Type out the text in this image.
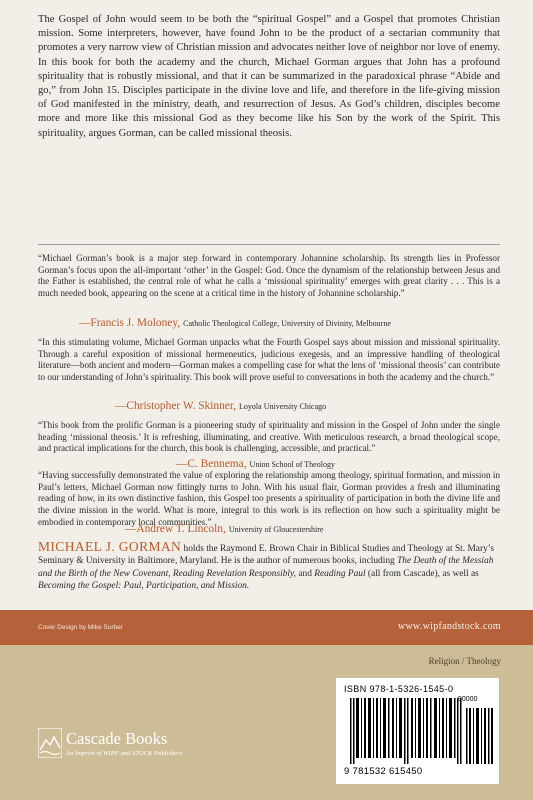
The Gospel of John would seem to be both the “spiritual Gospel” and a Gospel that promotes Christian mission. Some interpreters, however, have found John to be the product of a sectarian community that promotes a very narrow view of Christian mission and advocates neither love of neighbor nor love of enemy. In this book for both the academy and the church, Michael Gorman argues that John has a profound spirituality that is robustly missional, and that it can be summarized in the paradoxical phrase “Abide and go,” from John 15. Disciples participate in the divine love and life, and therefore in the life-giving mission of God manifested in the ministry, death, and resurrection of Jesus. As God’s children, disciples become more and more like this missional God as they become like his Son by the work of the Spirit. This spirituality, argues Gorman, can be called missional theosis.

“Michael Gorman’s book is a major step forward in contemporary Johannine scholarship. Its strength lies in Professor Gorman’s focus upon the all-important ‘other’ in the Gospel: God. Once the dynamism of the relationship between Jesus and the Father is established, the central role of what he calls a ‘missional spirituality’ emerges with great clarity . . . This is a much needed book, appearing on the scene at a critical time in the history of Johannine scholarship.”

—Francis J. Moloney, Catholic Theological College, University of Divinity, Melbourne

“In this stimulating volume, Michael Gorman unpacks what the Fourth Gospel says about mission and missional spirituality. Through a careful exposition of missional hermeneutics, judicious exegesis, and an impressive handling of theological literature—both ancient and modern—Gorman makes a compelling case for what the lens of ‘missional theosis’ can contribute to our understanding of John’s spirituality. This book will prove useful to conversations in both the academy and the church.”

—Christopher W. Skinner, Loyola University Chicago

“This book from the prolific Gorman is a pioneering study of spirituality and mission in the Gospel of John under the single heading ‘missional theosis.’ It is refreshing, illuminating, and creative. With meticulous research, a broad theological scope, and practical implications for the church, this book is challenging, accessible, and practical.”

—C. Bennema, Union School of Theology

“Having successfully demonstrated the value of exploring the relationship among theology, spiritual formation, and mission in Paul’s letters, Michael Gorman now fittingly turns to John. With his usual flair, Gorman provides a fresh and illuminating reading of how, in its own distinctive fashion, this Gospel too presents a spirituality of participation in both the divine life and the divine mission in the world. What is more, integral to this work is its reflection on how such a spirituality might be embodied in contemporary local communities.”

—Andrew T. Lincoln, University of Gloucestershire

MICHAEL J. GORMAN holds the Raymond E. Brown Chair in Biblical Studies and Theology at St. Mary’s Seminary & University in Baltimore, Maryland. He is the author of numerous books, including The Death of the Messiah and the Birth of the New Covenant, Reading Revelation Responsibly, and Reading Paul (all from Cascade), as well as Becoming the Gospel: Paul, Participation, and Mission.

Cover Design by Mike Surber	www.wipfandstock.com
Religion / Theology
ISBN 978-1-5326-1545-0
9 781532 615450
90000
Cascade Books
An Imprint of WIPF and STOCK Publishers
